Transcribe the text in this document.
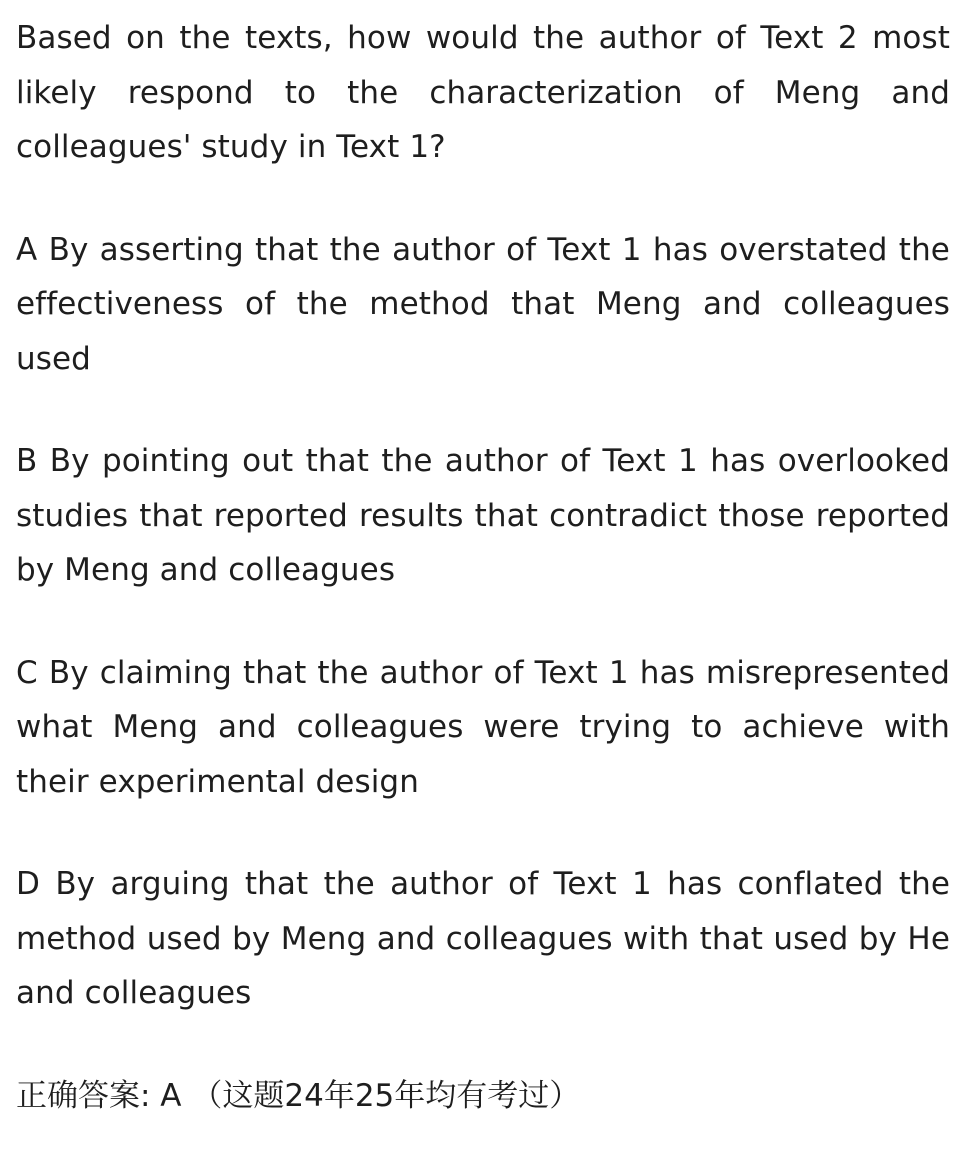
Based on the texts, how would the author of Text 2 most likely respond to the characterization of Meng and colleagues' study in Text 1?

A By asserting that the author of Text 1 has overstated the effectiveness of the method that Meng and colleagues used

B By pointing out that the author of Text 1 has overlooked studies that reported results that contradict those reported by Meng and colleagues

C By claiming that the author of Text 1 has misrepresented what Meng and colleagues were trying to achieve with their experimental design

D By arguing that the author of Text 1 has conflated the method used by Meng and colleagues with that used by He and colleagues

正确答案: A （这题24年25年均有考过）
